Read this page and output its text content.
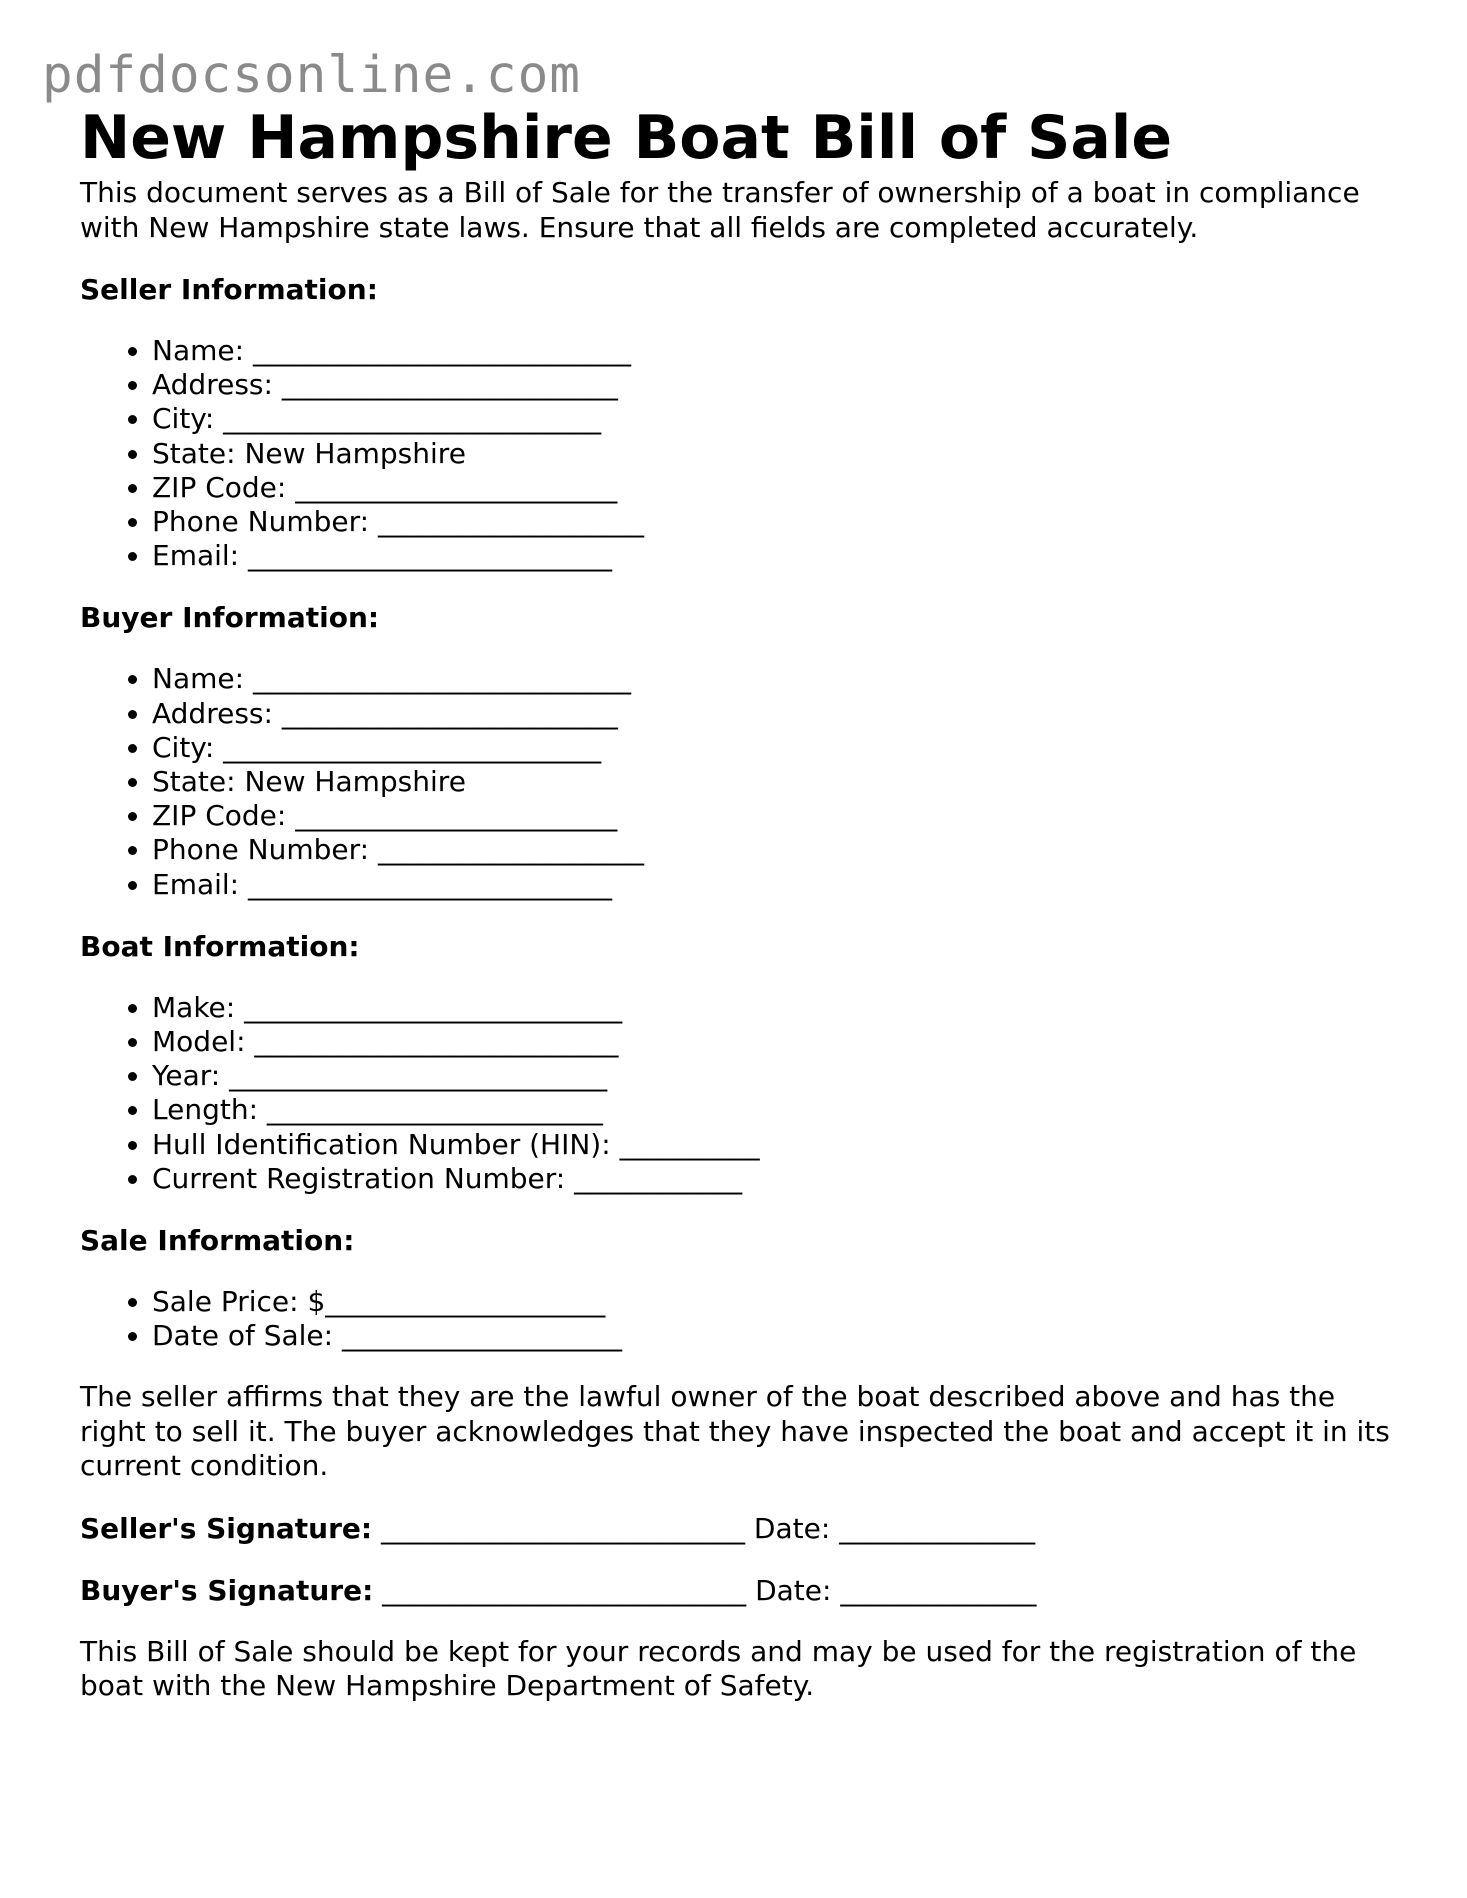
pdfdocsonline.com
New Hampshire Boat Bill of Sale

This document serves as a Bill of Sale for the transfer of ownership of a boat in compliance with New Hampshire state laws. Ensure that all fields are completed accurately.

Seller Information:

• Name: ___________________________
• Address: ________________________
• City: ___________________________
• State: New Hampshire
• ZIP Code: _______________________
• Phone Number: ___________________
• Email: __________________________

Buyer Information:

• Name: ___________________________
• Address: ________________________
• City: ___________________________
• State: New Hampshire
• ZIP Code: _______________________
• Phone Number: ___________________
• Email: __________________________

Boat Information:

• Make: ___________________________
• Model: __________________________
• Year: ___________________________
• Length: ________________________
• Hull Identification Number (HIN): __________
• Current Registration Number: ____________

Sale Information:

• Sale Price: $____________________
• Date of Sale: ____________________

The seller affirms that they are the lawful owner of the boat described above and has the right to sell it. The buyer acknowledges that they have inspected the boat and accept it in its current condition.

Seller's Signature: __________________________ Date: ______________

Buyer's Signature: __________________________ Date: ______________

This Bill of Sale should be kept for your records and may be used for the registration of the boat with the New Hampshire Department of Safety.
